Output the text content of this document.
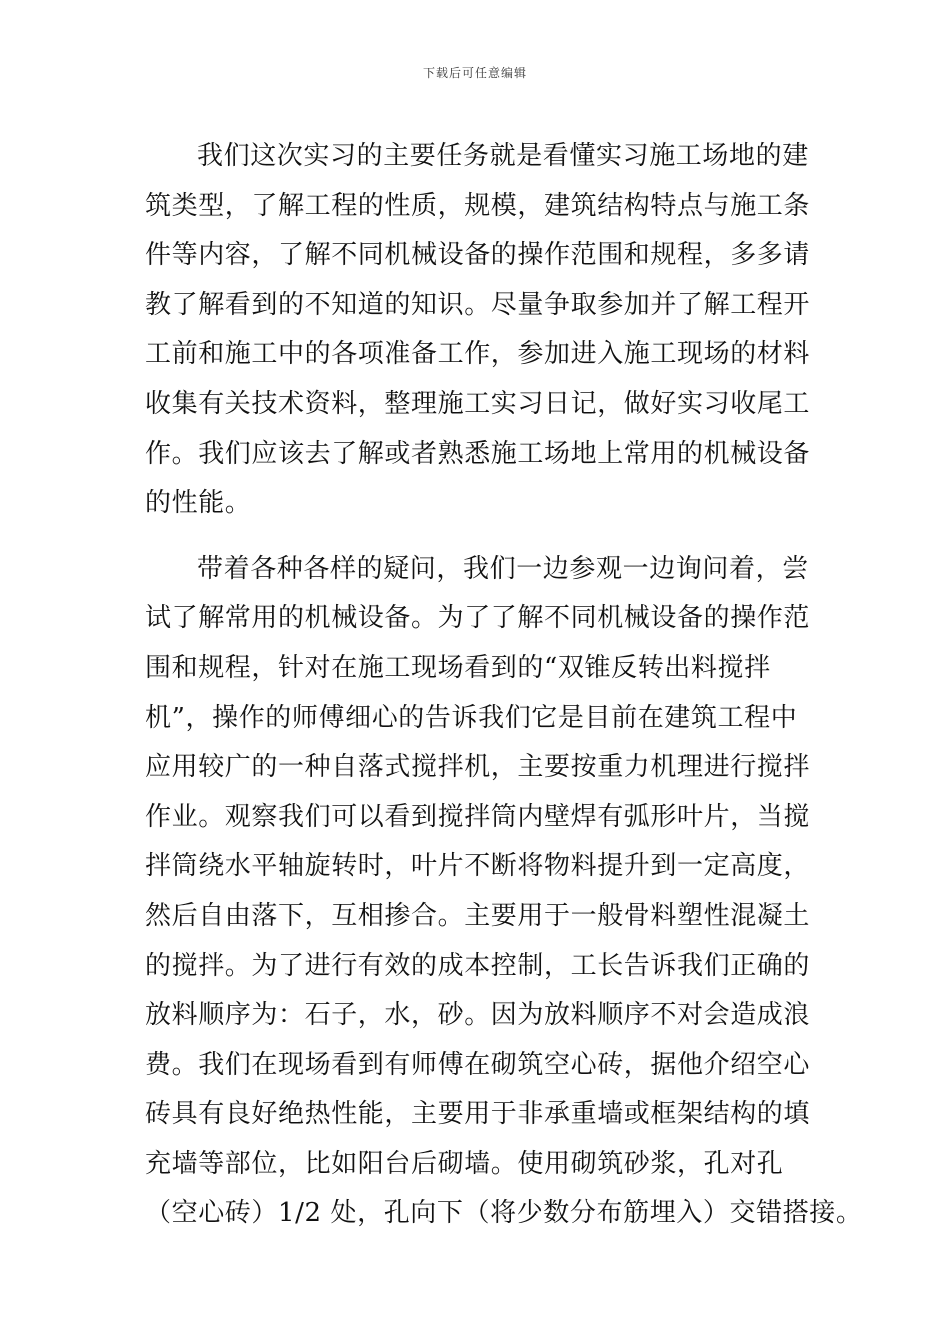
下载后可任意编辑
我们这次实习的主要任务就是看懂实习施工场地的建
筑类型，了解工程的性质，规模，建筑结构特点与施工条
件等内容，了解不同机械设备的操作范围和规程，多多请
教了解看到的不知道的知识。尽量争取参加并了解工程开
工前和施工中的各项准备工作，参加进入施工现场的材料
收集有关技术资料，整理施工实习日记，做好实习收尾工
作。我们应该去了解或者熟悉施工场地上常用的机械设备
的性能。
带着各种各样的疑问，我们一边参观一边询问着，尝
试了解常用的机械设备。为了了解不同机械设备的操作范
围和规程，针对在施工现场看到的“双锥反转出料搅拌
机”，操作的师傅细心的告诉我们它是目前在建筑工程中
应用较广的一种自落式搅拌机，主要按重力机理进行搅拌
作业。观察我们可以看到搅拌筒内壁焊有弧形叶片，当搅
拌筒绕水平轴旋转时，叶片不断将物料提升到一定高度，
然后自由落下，互相掺合。主要用于一般骨料塑性混凝土
的搅拌。为了进行有效的成本控制，工长告诉我们正确的
放料顺序为：石子，水，砂。因为放料顺序不对会造成浪
费。我们在现场看到有师傅在砌筑空心砖，据他介绍空心
砖具有良好绝热性能，主要用于非承重墙或框架结构的填
充墙等部位，比如阳台后砌墙。使用砌筑砂浆，孔对孔
（空心砖）1/2 处，孔向下（将少数分布筋埋入）交错搭接。
